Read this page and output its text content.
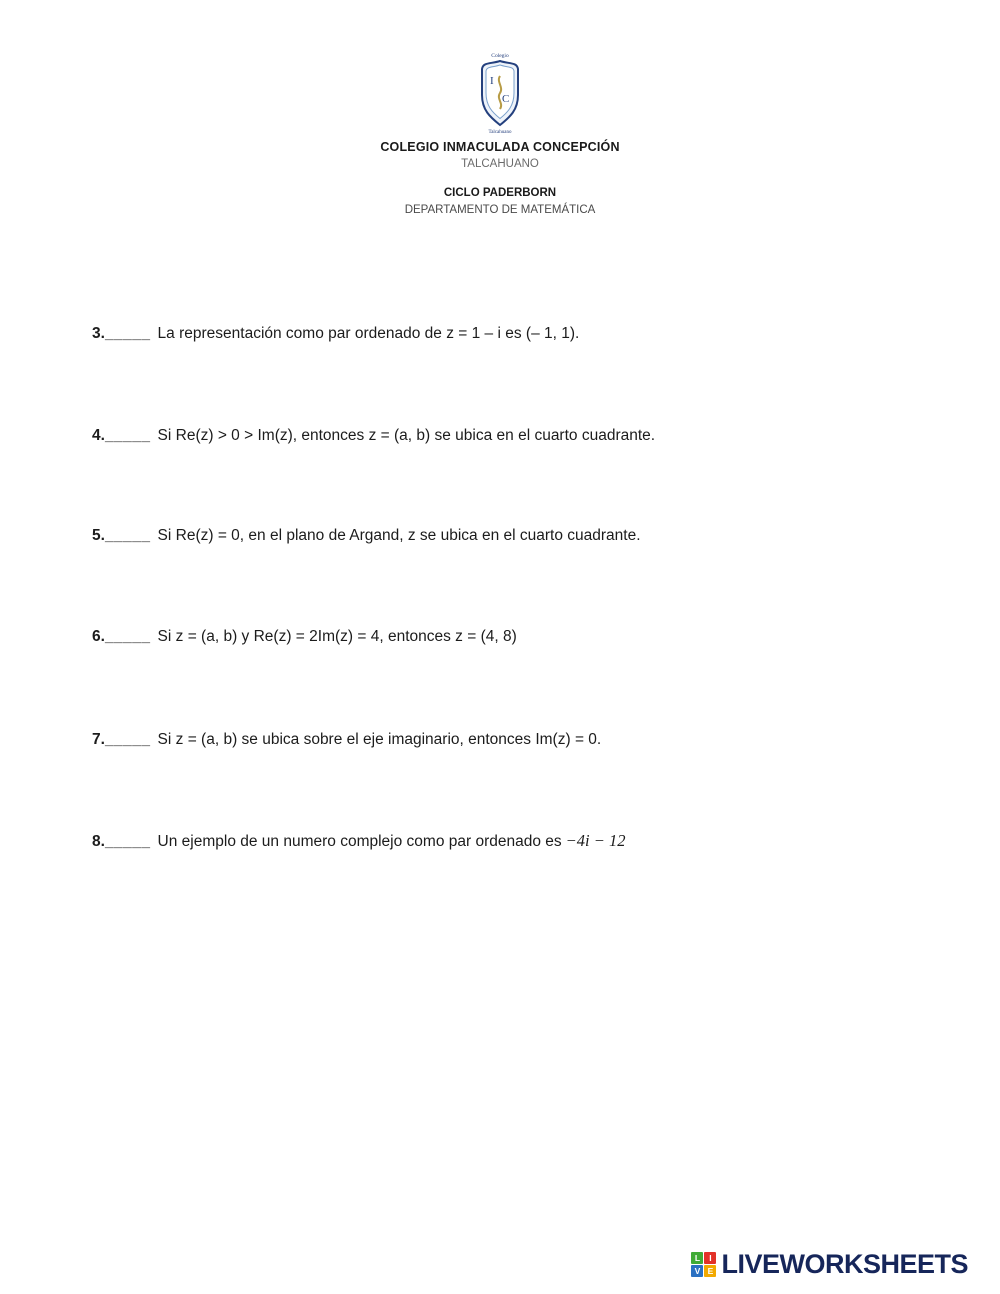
Colegio
I
C
Talcahuano
COLEGIO INMACULADA CONCEPCIÓN
TALCAHUANO
CICLO PADERBORN
DEPARTAMENTO DE MATEMÁTICA
3._____ La representación como par ordenado de z = 1 – i es (– 1, 1).
4._____ Si Re(z) > 0 > Im(z), entonces z = (a, b) se ubica en el cuarto cuadrante.
5._____ Si Re(z) = 0, en el plano de Argand, z se ubica en el cuarto cuadrante.
6._____ Si z = (a, b) y Re(z) = 2Im(z) = 4, entonces z = (4, 8)
7._____ Si z = (a, b) se ubica sobre el eje imaginario, entonces Im(z) = 0.
8._____ Un ejemplo de un numero complejo como par ordenado es −4i − 12
L	I
V E LIVEWORKSHEETS
